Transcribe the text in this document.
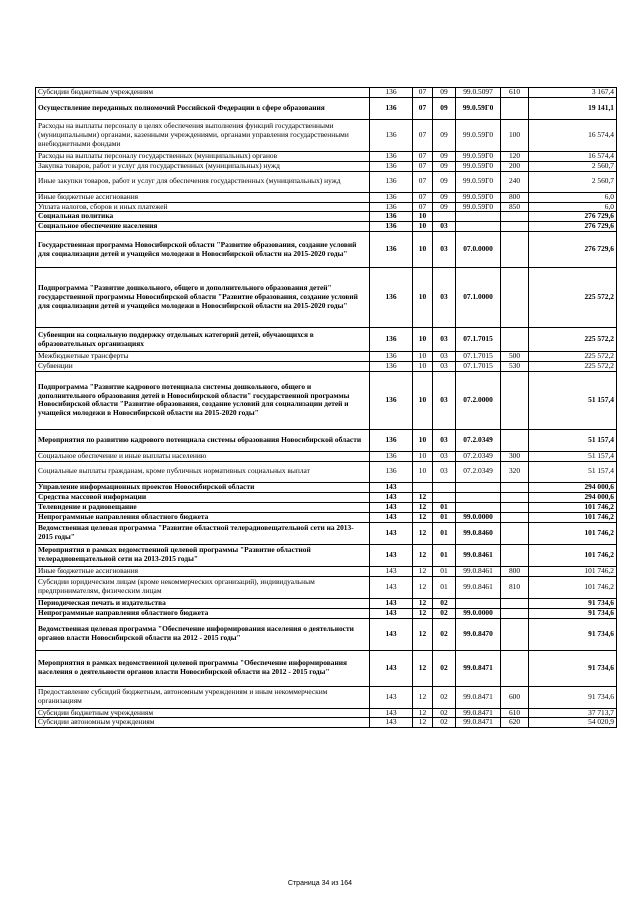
Субсидии бюджетным учреждениям	136	07	09	99.0.5097	610	3 167,4
Осуществление переданных полномочий Российской Федерации в сфере образования	136	07	09	99.0.59Г0		19 141,1
Расходы на выплаты персоналу в целях обеспечения выполнения функций государственными (муниципальными) органами, казенными учреждениями, органами управления государственными внебюджетными фондами	136	07	09	99.0.59Г0	100	16 574,4
Расходы на выплаты персоналу государственных (муниципальных) органов	136	07	09	99.0.59Г0	120	16 574,4
Закупка товаров, работ и услуг для государственных (муниципальных) нужд	136	07	09	99.0.59Г0	200	2 560,7
Иные закупки товаров, работ и услуг для обеспечения государственных (муниципальных) нужд	136	07	09	99.0.59Г0	240	2 560,7
Иные бюджетные ассигнования	136	07	09	99.0.59Г0	800	6,0
Уплата налогов, сборов и иных платежей	136	07	09	99.0.59Г0	850	6,0
Социальная политика	136	10				276 729,6
Социальное обеспечение населения	136	10	03			276 729,6
Государственная программа Новосибирской области "Развитие образования, создание условий для социализации детей и учащейся молодежи в Новосибирской области на 2015-2020 годы"	136	10	03	07.0.0000		276 729,6
Подпрограмма "Развитие дошкольного, общего и дополнительного образования детей" государственной программы Новосибирской области "Развитие образования, создание условий для социализации детей и учащейся молодежи в Новосибирской области на 2015-2020 годы"	136	10	03	07.1.0000		225 572,2
Субвенции на социальную поддержку отдельных категорий детей, обучающихся в образовательных организациях	136	10	03	07.1.7015		225 572,2
Межбюджетные трансферты	136	10	03	07.1.7015	500	225 572,2
Субвенции	136	10	03	07.1.7015	530	225 572,2
Подпрограмма "Развитие кадрового потенциала системы дошкольного, общего и дополнительного образования детей в Новосибирской области" государственной программы Новосибирской области "Развитие образования, создание условий для социализации детей и учащейся молодежи в Новосибирской области на 2015-2020 годы"	136	10	03	07.2.0000		51 157,4
Мероприятия по развитию кадрового потенциала системы образования Новосибирской области	136	10	03	07.2.0349		51 157,4
Социальное обеспечение и иные выплаты населению	136	10	03	07.2.0349	300	51 157,4
Социальные выплаты гражданам, кроме публичных нормативных социальных выплат	136	10	03	07.2.0349	320	51 157,4
Управление информационных проектов Новосибирской области	143					294 000,6
Средства массовой информации	143	12				294 000,6
Телевидение и радиовещание	143	12	01			101 746,2
Непрограммные направления областного бюджета	143	12	01	99.0.0000		101 746,2
Ведомственная целевая программа "Развитие областной телерадиовещательной сети на 2013-2015 годы"	143	12	01	99.0.8460		101 746,2
Мероприятия в рамках ведомственной целевой программы "Развитие областной телерадиовещательной сети на 2013-2015 годы"	143	12	01	99.0.8461		101 746,2
Иные бюджетные ассигнования	143	12	01	99.0.8461	800	101 746,2
Субсидии юридическим лицам (кроме некоммерческих организаций), индивидуальным предпринимателям, физическим лицам	143	12	01	99.0.8461	810	101 746,2
Периодическая печать и издательства	143	12	02			91 734,6
Непрограммные направления областного бюджета	143	12	02	99.0.0000		91 734,6
Ведомственная целевая программа "Обеспечение информирования населения о деятельности органов власти Новосибирской области на 2012 - 2015 годы"	143	12	02	99.0.8470		91 734,6
Мероприятия в рамках ведомственной целевой программы "Обеспечение информирования населения о деятельности органов власти Новосибирской области на 2012 - 2015 годы"	143	12	02	99.0.8471		91 734,6
Предоставление субсидий бюджетным, автономным учреждениям и иным некоммерческим организациям	143	12	02	99.0.8471	600	91 734,6
Субсидии бюджетным учреждениям	143	12	02	99.0.8471	610	37 713,7
Субсидии автономным учреждениям	143	12	02	99.0.8471	620	54 020,9
Страница 34 из 164
